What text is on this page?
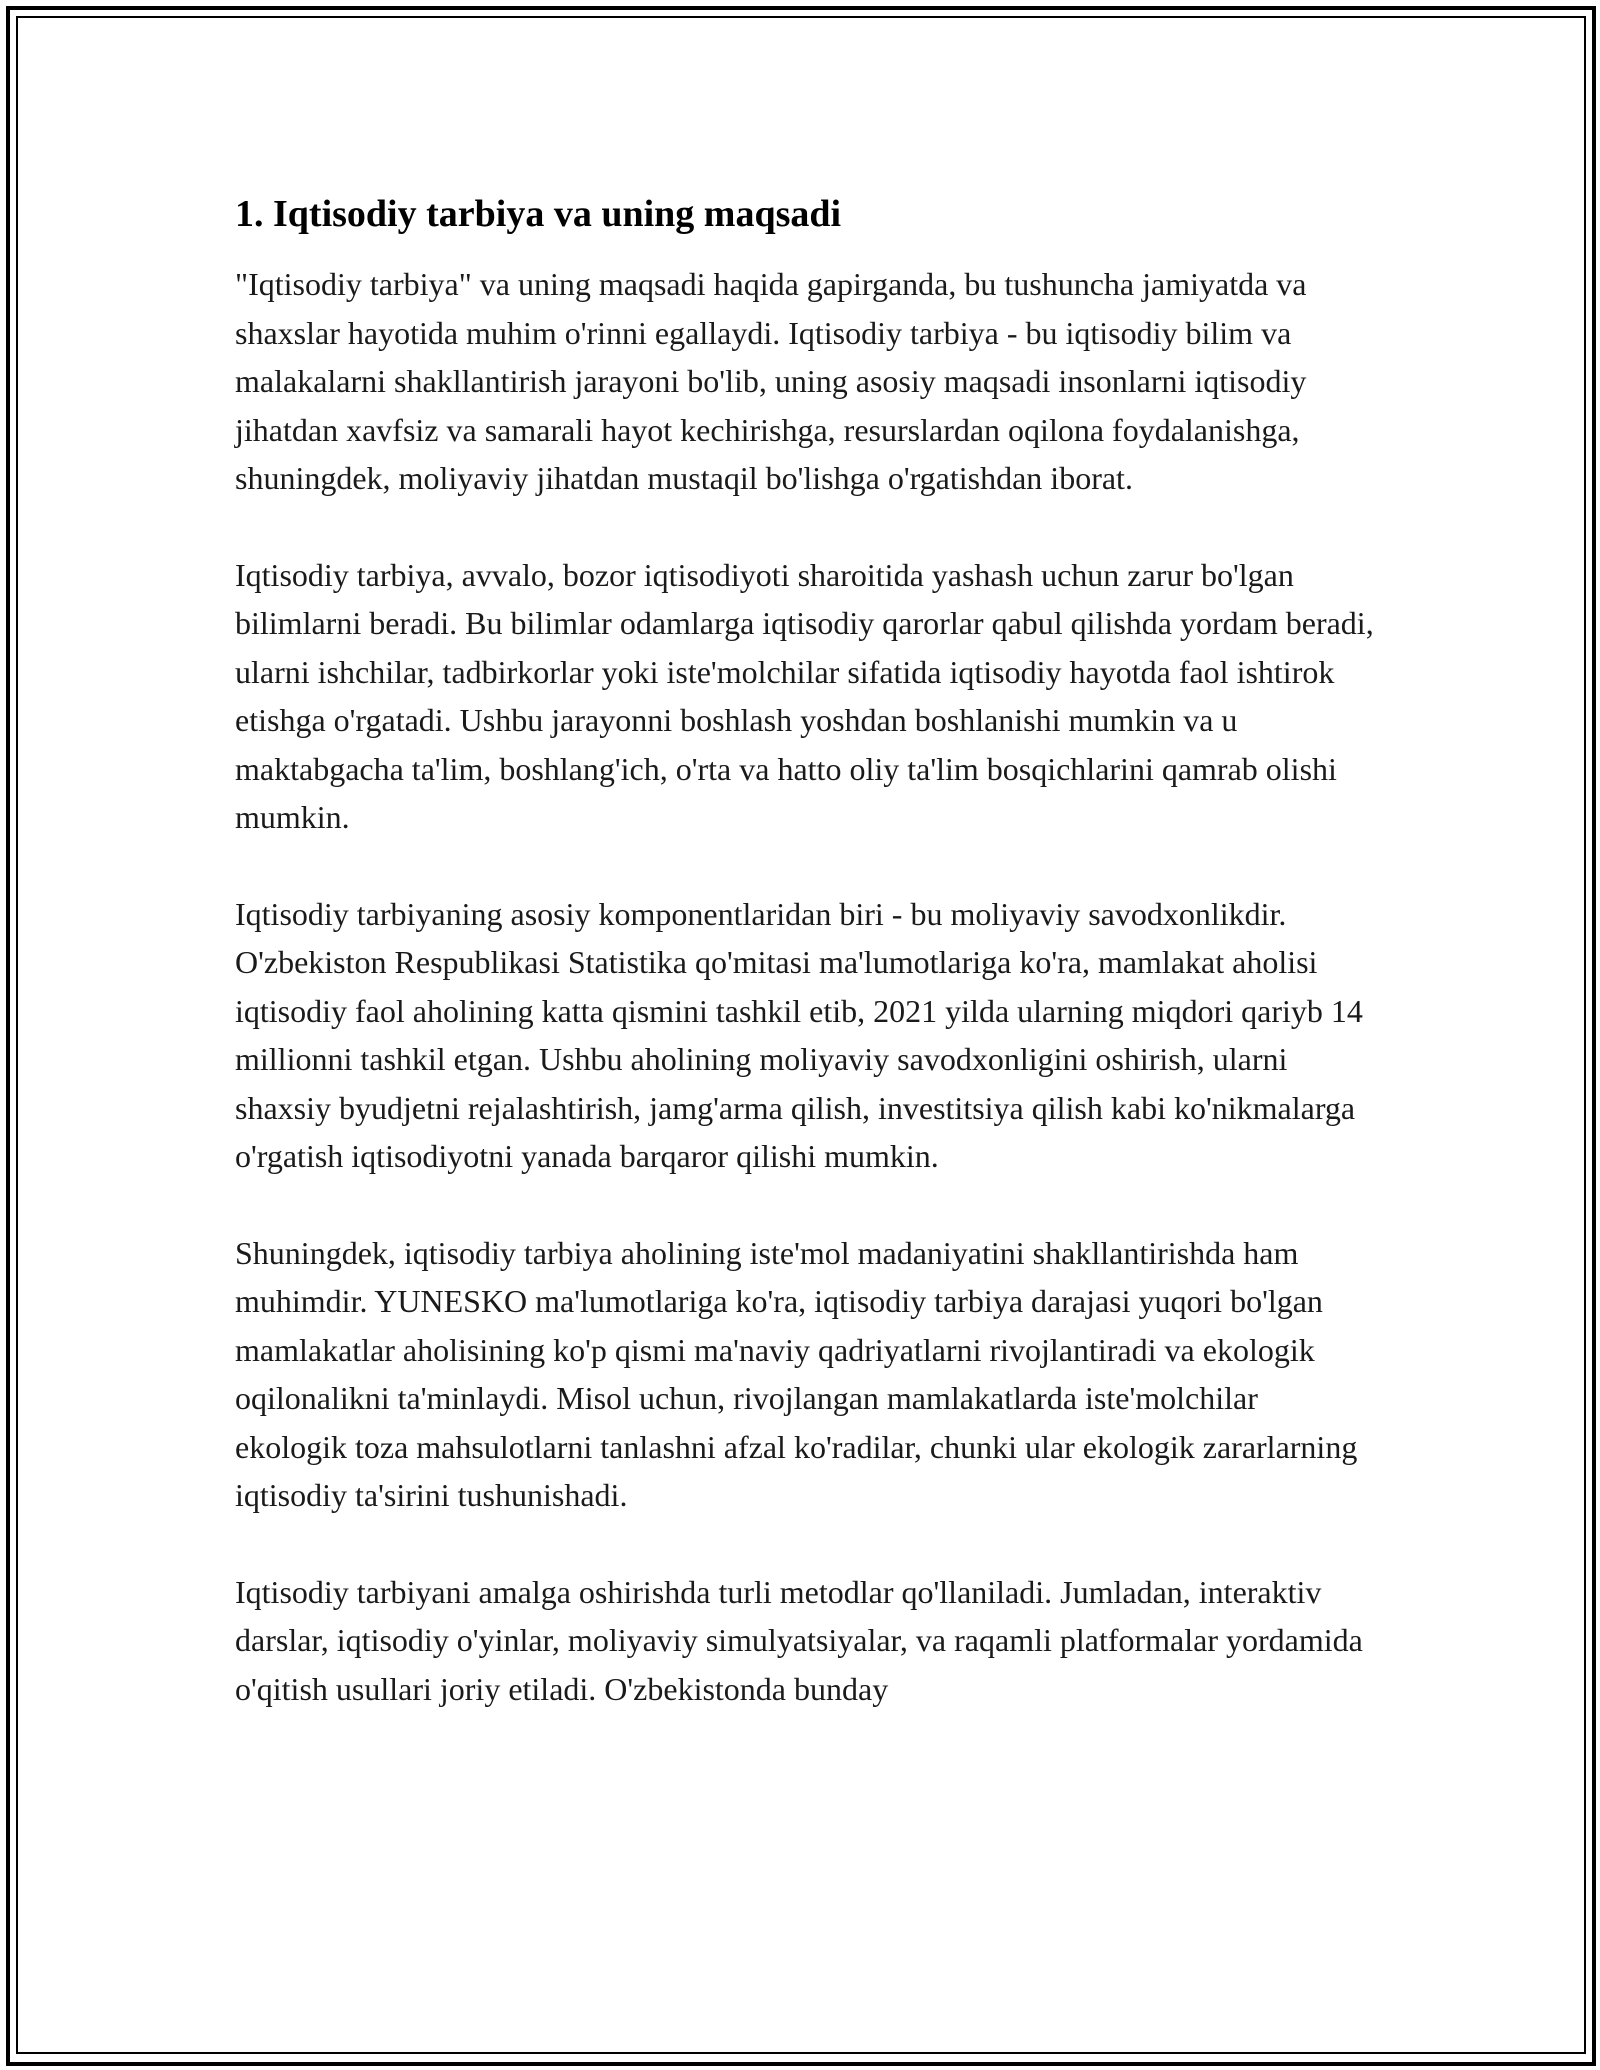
1. Iqtisodiy tarbiya va uning maqsadi

"Iqtisodiy tarbiya" va uning maqsadi haqida gapirganda, bu tushuncha jamiyatda va shaxslar hayotida muhim o'rinni egallaydi. Iqtisodiy tarbiya - bu iqtisodiy bilim va malakalarni shakllantirish jarayoni bo'lib, uning asosiy maqsadi insonlarni iqtisodiy jihatdan xavfsiz va samarali hayot kechirishga, resurslardan oqilona foydalanishga, shuningdek, moliyaviy jihatdan mustaqil bo'lishga o'rgatishdan iborat.

Iqtisodiy tarbiya, avvalo, bozor iqtisodiyoti sharoitida yashash uchun zarur bo'lgan bilimlarni beradi. Bu bilimlar odamlarga iqtisodiy qarorlar qabul qilishda yordam beradi, ularni ishchilar, tadbirkorlar yoki iste'molchilar sifatida iqtisodiy hayotda faol ishtirok etishga o'rgatadi. Ushbu jarayonni boshlash yoshdan boshlanishi mumkin va u maktabgacha ta'lim, boshlang'ich, o'rta va hatto oliy ta'lim bosqichlarini qamrab olishi mumkin.

Iqtisodiy tarbiyaning asosiy komponentlaridan biri - bu moliyaviy savodxonlikdir. O'zbekiston Respublikasi Statistika qo'mitasi ma'lumotlariga ko'ra, mamlakat aholisi iqtisodiy faol aholining katta qismini tashkil etib, 2021 yilda ularning miqdori qariyb 14 millionni tashkil etgan. Ushbu aholining moliyaviy savodxonligini oshirish, ularni shaxsiy byudjetni rejalashtirish, jamg'arma qilish, investitsiya qilish kabi ko'nikmalarga o'rgatish iqtisodiyotni yanada barqaror qilishi mumkin.

Shuningdek, iqtisodiy tarbiya aholining iste'mol madaniyatini shakllantirishda ham muhimdir. YUNESKO ma'lumotlariga ko'ra, iqtisodiy tarbiya darajasi yuqori bo'lgan mamlakatlar aholisining ko'p qismi ma'naviy qadriyatlarni rivojlantiradi va ekologik oqilonalikni ta'minlaydi. Misol uchun, rivojlangan mamlakatlarda iste'molchilar ekologik toza mahsulotlarni tanlashni afzal ko'radilar, chunki ular ekologik zararlarning iqtisodiy ta'sirini tushunishadi.

Iqtisodiy tarbiyani amalga oshirishda turli metodlar qo'llaniladi. Jumladan, interaktiv darslar, iqtisodiy o'yinlar, moliyaviy simulyatsiyalar, va raqamli platformalar yordamida o'qitish usullari joriy etiladi. O'zbekistonda bunday
